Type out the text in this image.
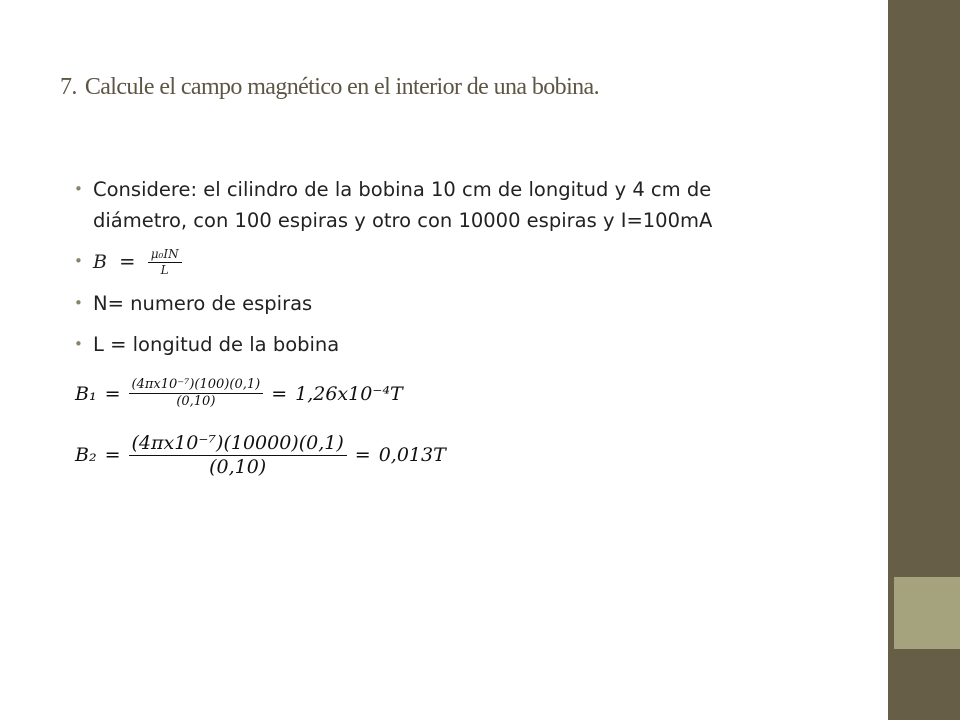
7. Calcule el campo magnético en el interior de una bobina.
• Considere: el cilindro de la bobina 10 cm de longitud y 4 cm de diámetro, con 100 espiras y otro con 10000 espiras y I=100mA
• $B = \frac{\text{μ₀IN}}{L}$
• N= numero de espiras
• L = longitud de la bobina
$B_1 = \frac{\text{(4πx10⁻⁷)(100)(0,1)}}{(0,10)} = 1,26x10^{-4}T$
$B_2 = \frac{\text{(4πx10⁻⁷)(10000)(0,1)}}{(0,10)} = 0,013T$
